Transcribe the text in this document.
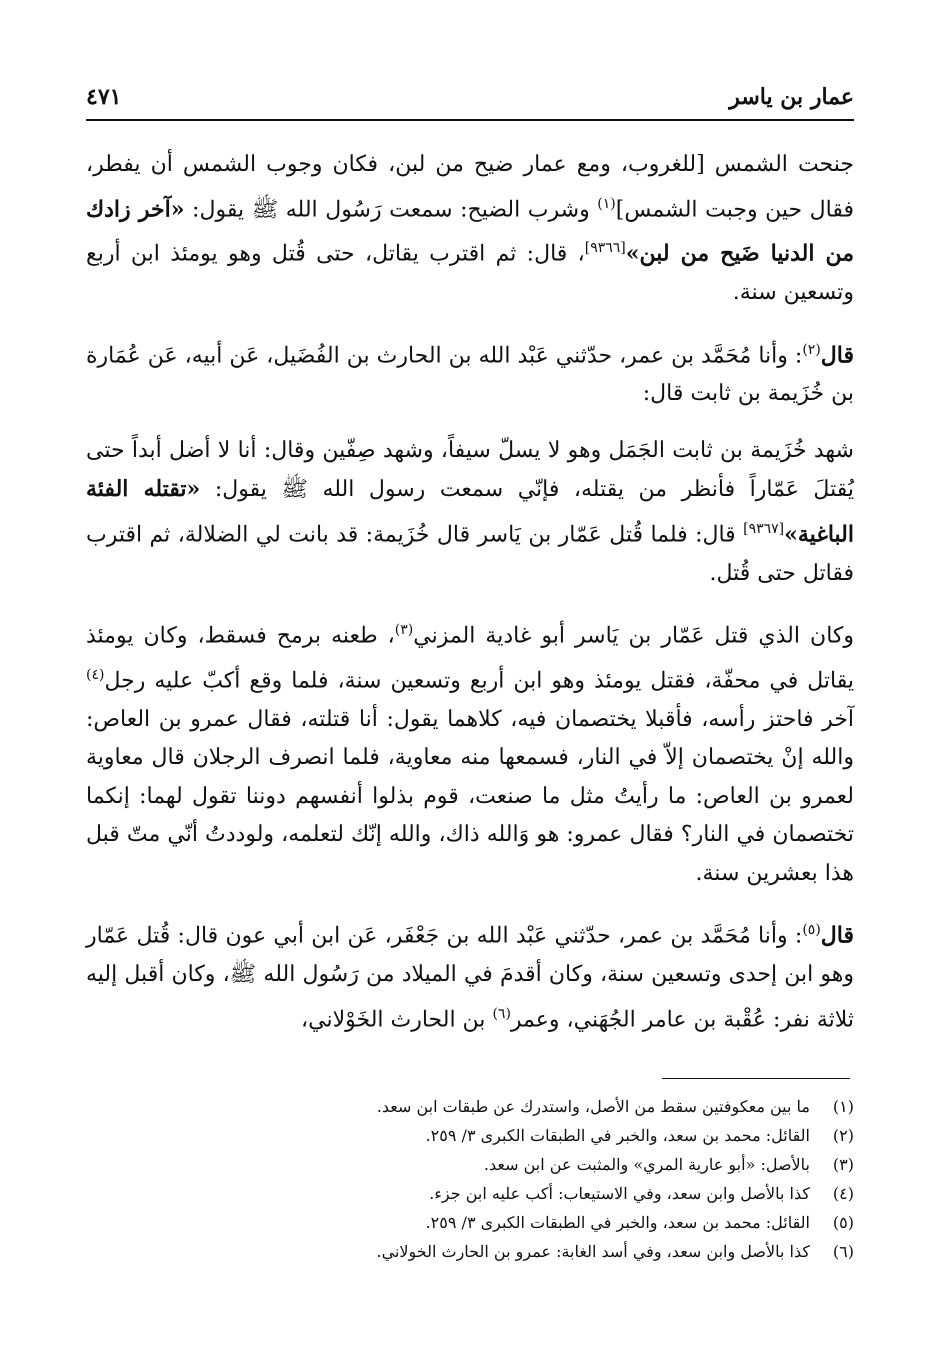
عمار بن ياسر
٤٧١

جنحت الشمس [للغروب، ومع عمار ضيح من لبن، فكان وجوب الشمس أن يفطر، فقال حين وجبت الشمس]$^{(١)}$ وشرب الضيح: سمعت رَسُول الله ﷺ يقول: «آخر زادك من الدنيا ضَيح من لبن»[٩٣٦٦]، قال: ثم اقترب يقاتل، حتى قُتل وهو يومئذ ابن أربع وتسعين سنة.

قال$^{(٢)}$: وأنا مُحَمَّد بن عمر، حدّثني عَبْد الله بن الحارث بن الفُضَيل، عَن أبيه، عَن عُمَارة بن خُزَيمة بن ثابت قال:

شهد خُزَيمة بن ثابت الجَمَل وهو لا يسلّ سيفاً، وشهد صِفّين وقال: أنا لا أضل أبداً حتى يُقتلَ عَمّاراً فأنظر من يقتله، فإنّي سمعت رسول الله ﷺ يقول: «تقتله الفئة الباغية»[٩٣٦٧] قال: فلما قُتل عَمّار بن يَاسر قال خُزَيمة: قد بانت لي الضلالة، ثم اقترب فقاتل حتى قُتل.

وكان الذي قتل عَمّار بن يَاسر أبو غادية المزني$^{(٣)}$، طعنه برمح فسقط، وكان يومئذ يقاتل في محفّة، فقتل يومئذ وهو ابن أربع وتسعين سنة، فلما وقع أكبّ عليه رجل$^{(٤)}$ آخر فاحتز رأسه، فأقبلا يختصمان فيه، كلاهما يقول: أنا قتلته، فقال عمرو بن العاص: والله إنْ يختصمان إلاّ في النار، فسمعها منه معاوية، فلما انصرف الرجلان قال معاوية لعمرو بن العاص: ما رأيتُ مثل ما صنعت، قوم بذلوا أنفسهم دوننا تقول لهما: إنكما تختصمان في النار؟ فقال عمرو: هو وَالله ذاك، والله إنّك لتعلمه، ولوددتُ أنّي متّ قبل هذا بعشرين سنة.

قال$^{(٥)}$: وأنا مُحَمَّد بن عمر، حدّثني عَبْد الله بن جَعْفَر، عَن ابن أبي عون قال: قُتل عَمّار وهو ابن إحدى وتسعين سنة، وكان أقدمَ في الميلاد من رَسُول الله ﷺ، وكان أقبل إليه ثلاثة نفر: عُقْبة بن عامر الجُهَني، وعمر$^{(٦)}$ بن الحارث الخَوْلاني،

(١)
ما بين معكوفتين سقط من الأصل، واستدرك عن طبقات ابن سعد.
(٢)
القائل: محمد بن سعد، والخبر في الطبقات الكبرى ٣/ ٢٥٩.
(٣)
بالأصل: «أبو عارية المري» والمثبت عن ابن سعد.
(٤)
كذا بالأصل وابن سعد، وفي الاستيعاب: أكب عليه ابن جزء.
(٥)
القائل: محمد بن سعد، والخبر في الطبقات الكبرى ٣/ ٢٥٩.
(٦)
كذا بالأصل وابن سعد، وفي أسد الغابة: عمرو بن الحارث الخولاني.
